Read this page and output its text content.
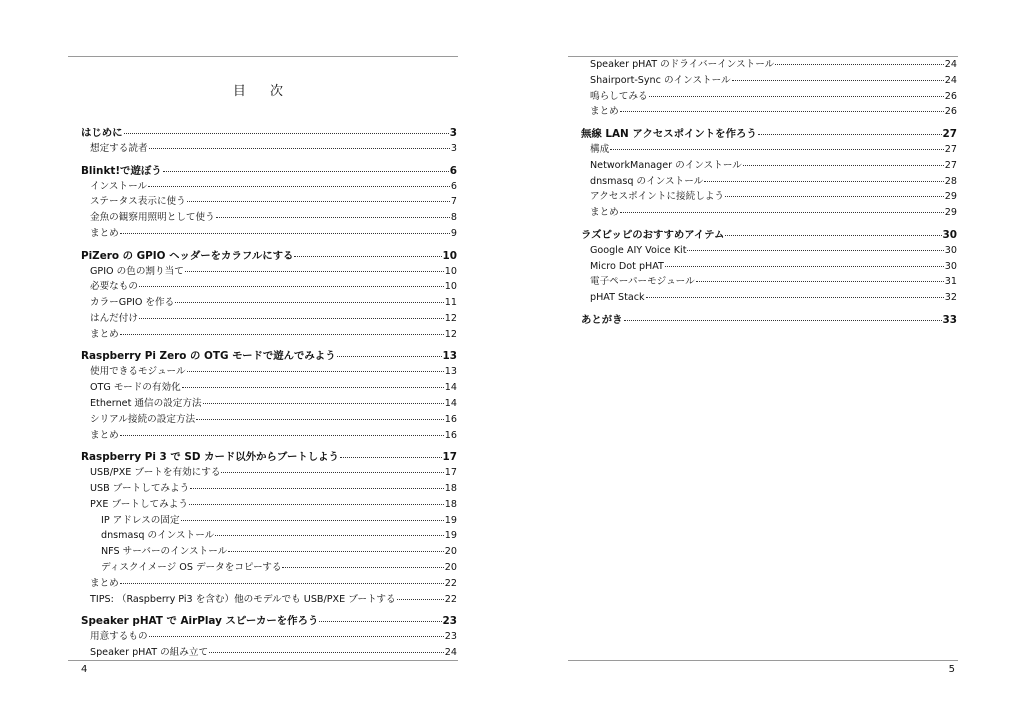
目 次
はじめに	3
想定する読者	3
Blinkt!で遊ぼう	6
インストール	6
ステータス表示に使う	7
金魚の観察用照明として使う	8
まとめ	9
PiZero の GPIO ヘッダーをカラフルにする	10
GPIO の色の割り当て	10
必要なもの	10
カラーGPIO を作る	11
はんだ付け	12
まとめ	12
Raspberry Pi Zero の OTG モードで遊んでみよう	13
使用できるモジュール	13
OTG モードの有効化	14
Ethernet 通信の設定方法	14
シリアル接続の設定方法	16
まとめ	16
Raspberry Pi 3 で SD カード以外からブートしよう	17
USB/PXE ブートを有効にする	17
USB ブートしてみよう	18
PXE ブートしてみよう	18
IP アドレスの固定	19
dnsmasq のインストール	19
NFS サーバーのインストール	20
ディスクイメージ OS データをコピーする	20
まとめ	22
TIPS: （Raspberry Pi3 を含む）他のモデルでも USB/PXE ブートする	22
Speaker pHAT で AirPlay スピーカーを作ろう	23
用意するもの	23
Speaker pHAT の組み立て	24
4
Speaker pHAT のドライバーインストール	24
Shairport-Sync のインストール	24
鳴らしてみる	26
まとめ	26
無線 LAN アクセスポイントを作ろう	27
構成	27
NetworkManager のインストール	27
dnsmasq のインストール	28
アクセスポイントに接続しよう	29
まとめ	29
ラズピッピのおすすめアイテム	30
Google AIY Voice Kit	30
Micro Dot pHAT	30
電子ペーパーモジュール	31
pHAT Stack	32
あとがき	33
5
